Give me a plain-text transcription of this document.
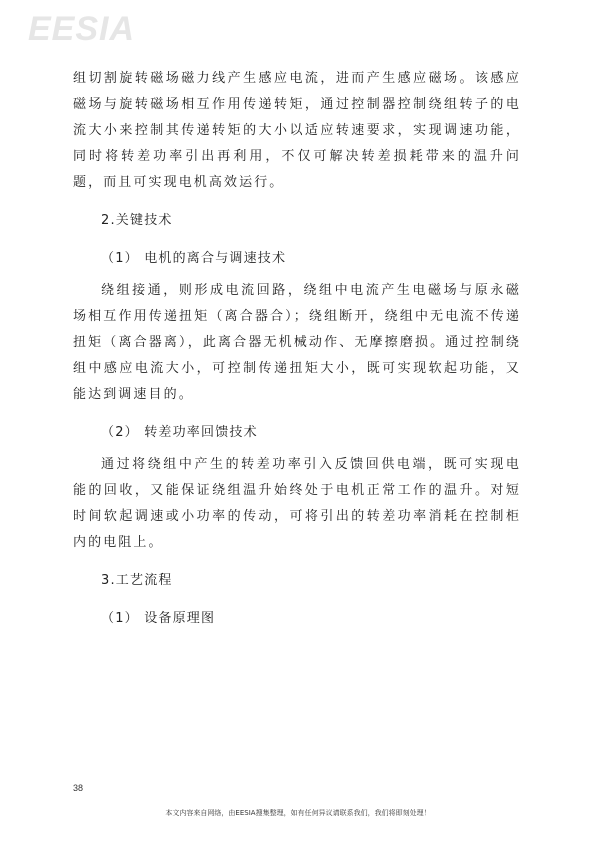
EESIA

组切割旋转磁场磁力线产生感应电流，进而产生感应磁场。该感应磁场与旋转磁场相互作用传递转矩，通过控制器控制绕组转子的电流大小来控制其传递转矩的大小以适应转速要求，实现调速功能，同时将转差功率引出再利用，不仅可解决转差损耗带来的温升问题，而且可实现电机高效运行。

2.关键技术
（1） 电机的离合与调速技术

绕组接通，则形成电流回路，绕组中电流产生电磁场与原永磁场相互作用传递扭矩（离合器合）；绕组断开，绕组中无电流不传递扭矩（离合器离），此离合器无机械动作、无摩擦磨损。通过控制绕组中感应电流大小，可控制传递扭矩大小，既可实现软起功能，又能达到调速目的。

（2） 转差功率回馈技术

通过将绕组中产生的转差功率引入反馈回供电端，既可实现电能的回收，又能保证绕组温升始终处于电机正常工作的温升。对短时间软起调速或小功率的传动，可将引出的转差功率消耗在控制柜内的电阻上。

3.工艺流程
（1） 设备原理图
38
本文内容来自网络，由EESIA搜集整理，如有任何异议请联系我们，我们将即刻处理！
